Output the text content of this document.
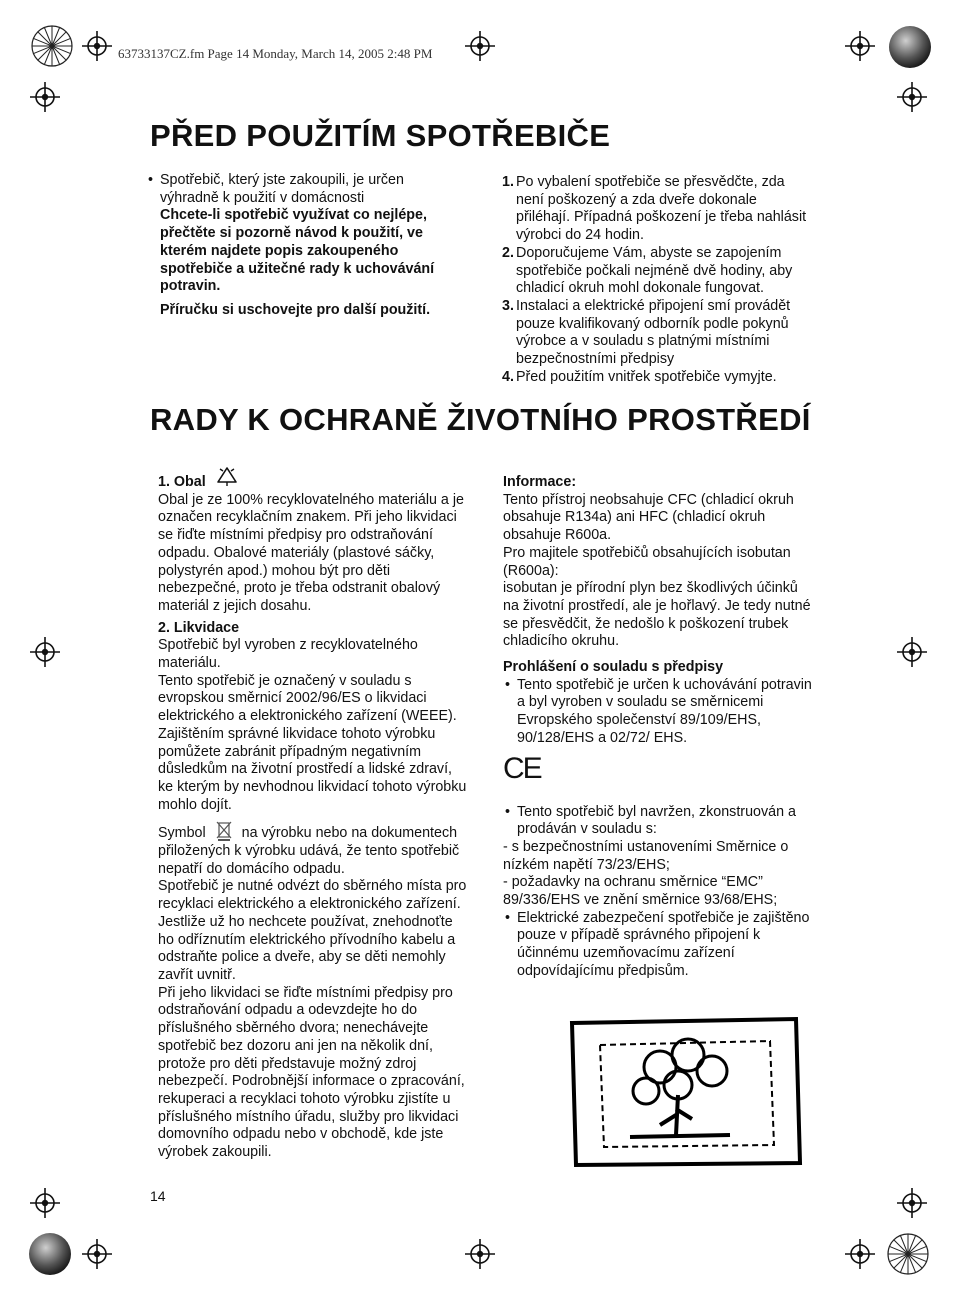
63733137CZ.fm Page 14 Monday, March 14, 2005 2:48 PM
PŘED POUŽITÍM SPOTŘEBIČE
• Spotřebič, který jste zakoupili, je určen
výhradně k použití v domácnosti
Chcete-li spotřebič využívat co nejlépe, přečtěte si pozorně návod k použití, ve kterém najdete popis zakoupeného spotřebiče a užitečné rady k uchovávání potravin.
Příručku si uschovejte pro další použití.
1. Po vybalení spotřebiče se přesvědčte, zda není poškozený a zda dveře dokonale přiléhají. Případná poškození je třeba nahlásit výrobci do 24 hodin.
2. Doporučujeme Vám, abyste se zapojením spotřebiče počkali nejméně dvě hodiny, aby chladicí okruh mohl dokonale fungovat.
3. Instalaci a elektrické připojení smí provádět pouze kvalifikovaný odborník podle pokynů výrobce a v souladu s platnými místními bezpečnostními předpisy
4. Před použitím vnitřek spotřebiče vymyjte.
RADY K OCHRANĚ ŽIVOTNÍHO PROSTŘEDÍ
1. Obal

Obal je ze 100% recyklovatelného materiálu a je označen recyklačním znakem. Při jeho likvidaci se řiďte místními předpisy pro odstraňování odpadu. Obalové materiály (plastové sáčky, polystyrén apod.) mohou být pro děti nebezpečné, proto je třeba odstranit obalový materiál z jejich dosahu.

2. Likvidace

Spotřebič byl vyroben z recyklovatelného materiálu.

Tento spotřebič je označený v souladu s evropskou směrnicí 2002/96/ES o likvidaci elektrického a elektronického zařízení (WEEE). Zajištěním správné likvidace tohoto výrobku pomůžete zabránit případným negativním důsledkům na životní prostředí a lidské zdraví, ke kterým by nevhodnou likvidací tohoto výrobku mohlo dojít.

Symbol	na výrobku nebo na dokumentech přiložených k výrobku udává, že tento spotřebič nepatří do domácího odpadu.

Spotřebič je nutné odvézt do sběrného místa pro recyklaci elektrického a elektronického zařízení.

Jestliže už ho nechcete používat, znehodnoťte ho odříznutím elektrického přívodního kabelu a odstraňte police a dveře, aby se děti nemohly zavřít uvnitř.

Při jeho likvidaci se řiďte místními předpisy pro odstraňování odpadu a odevzdejte ho do příslušného sběrného dvora; nenechávejte spotřebič bez dozoru ani jen na několik dní, protože pro děti představuje možný zdroj nebezpečí. Podrobnější informace o zpracování, rekuperaci a recyklaci tohoto výrobku zjistíte u příslušného místního úřadu, služby pro likvidaci domovního odpadu nebo v obchodě, kde jste výrobek zakoupili.

Informace:

Tento přístroj neobsahuje CFC (chladicí okruh obsahuje R134a) ani HFC (chladicí okruh obsahuje R600a.

Pro majitele spotřebičů obsahujících isobutan (R600a):

isobutan je přírodní plyn bez škodlivých účinků na životní prostředí, ale je hořlavý. Je tedy nutné se přesvědčit, že nedošlo k poškození trubek chladicího okruhu.

Prohlášení o souladu s předpisy

• Tento spotřebič je určen k uchovávání potravin a byl vyroben v souladu se směrnicemi Evropského společenství 89/109/EHS, 90/128/EHS a 02/72/ EHS.
CE
• Tento spotřebič byl navržen, zkonstruován a prodáván v souladu s:

- s bezpečnostními ustanoveními Směrnice o nízkém napětí 73/23/EHS;

- požadavky na ochranu směrnice “EMC” 89/336/EHS ve znění směrnice 93/68/EHS;

• Elektrické zabezpečení spotřebiče je zajištěno pouze v případě správného připojení k účinnému uzemňovacímu zařízení odpovídajícímu předpisům.
14
